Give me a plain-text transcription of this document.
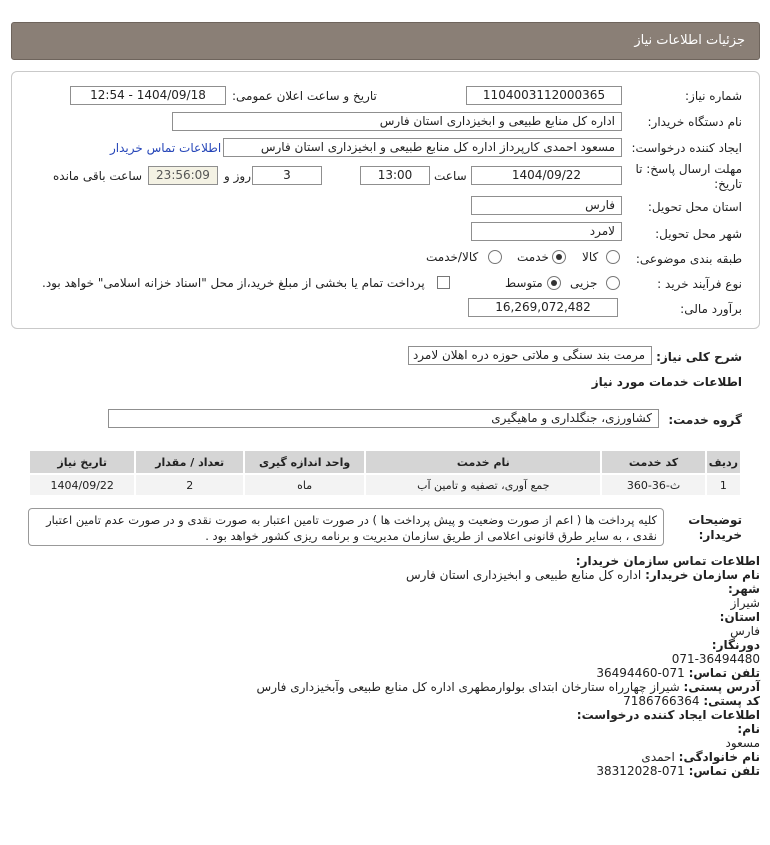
جزئیات اطلاعات نیاز
شماره نیاز:
1104003112000365
تاریخ و ساعت اعلان عمومی:
1404/09/18 - 12:54
نام دستگاه خریدار:
اداره کل منابع طبیعی و ابخیزداری استان فارس
ایجاد کننده درخواست:
مسعود احمدی کارپرداز اداره کل منابع طبیعی و ابخیزداری استان فارس
اطلاعات تماس خریدار
مهلت ارسال پاسخ: تا
تاریخ:
1404/09/22
ساعت
13:00
3
روز و
23:56:09
ساعت باقی مانده
استان محل تحویل:
فارس
شهر محل تحویل:
لامرد
طبقه بندی موضوعی:
کالا
خدمت
کالا/خدمت
نوع فرآیند خرید :
جزیی
متوسط
پرداخت تمام یا بخشی از مبلغ خرید،از محل "اسناد خزانه اسلامی" خواهد بود.
برآورد مالی:
16,269,072,482
شرح کلی نیاز:
مرمت بند سنگی و ملاتی حوزه دره اهلان لامرد
اطلاعات خدمات مورد نیاز
گروه خدمت:
کشاورزی، جنگلداری و ماهیگیری
ردیف	کد خدمت	نام خدمت	واحد اندازه گیری	تعداد / مقدار	تاریخ نیاز
1	ث-36-360	جمع آوری، تصفیه و تامین آب	ماه	2	1404/09/22
توضیحات
خریدار:
کلیه پرداخت ها ( اعم از صورت وضعیت و پیش پرداخت ها ) در صورت تامین اعتبار به صورت نقدی و در صورت عدم تامین اعتبار نقدی ، به سایر طرق قانونی اعلامی از طریق سازمان مدیریت و برنامه ریزی کشور خواهد بود .
اطلاعات تماس سازمان خریدار:
نام سازمان خریدار: اداره کل منابع طبیعی و ابخیزداری استان فارس
شهر:
شیراز
استان:
فارس
دورنگار:
071-36494480
تلفن تماس: 071-36494460
آدرس پستی: شیراز چهارراه ستارخان ابتدای بولوارمطهری اداره کل منابع طبیعی وآبخیزداری فارس
کد پستی: 7186766364
اطلاعات ایجاد کننده درخواست:
نام:
مسعود
نام خانوادگی: احمدی
تلفن تماس: 071-38312028
